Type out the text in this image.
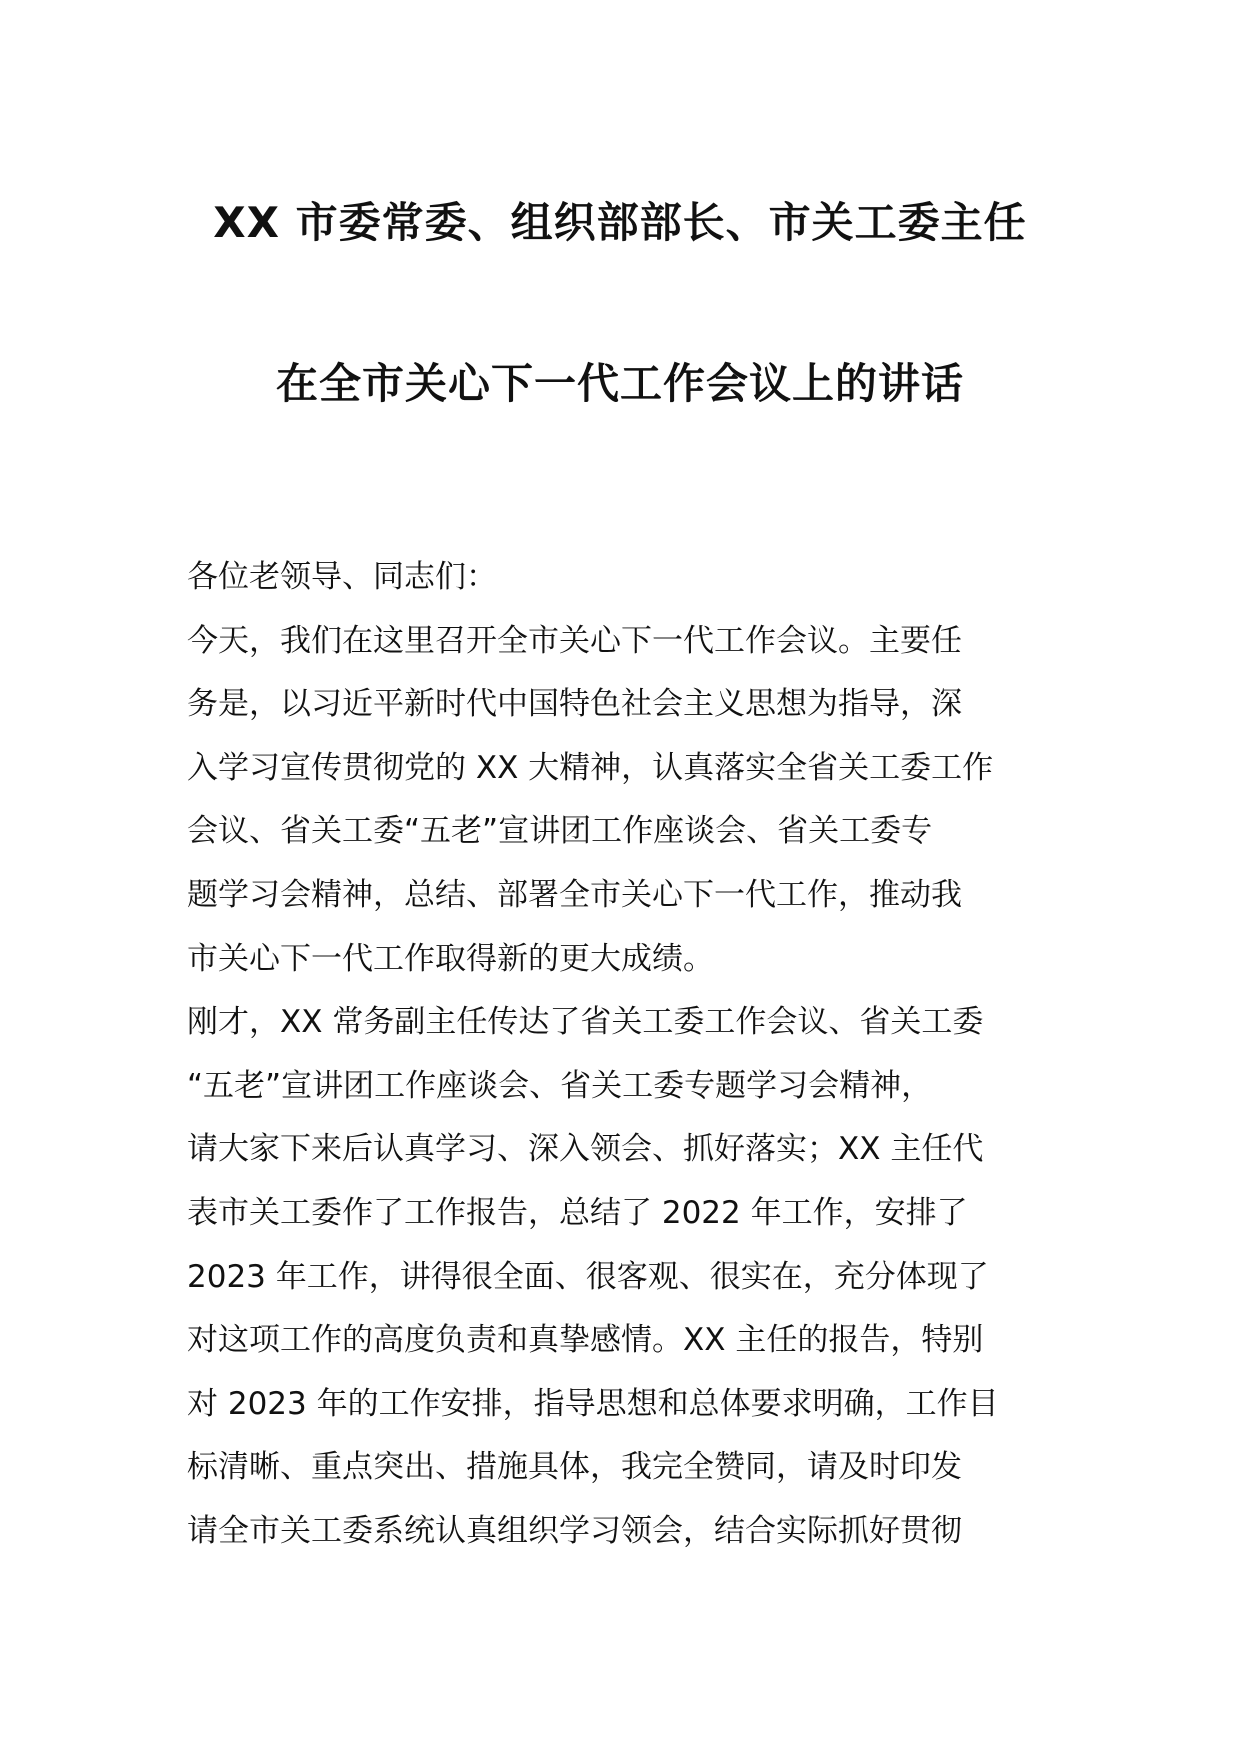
XX 市委常委、组织部部长、市关工委主任
在全市关心下一代工作会议上的讲话
各位老领导、同志们：
今天，我们在这里召开全市关心下一代工作会议。主要任
务是，以习近平新时代中国特色社会主义思想为指导，深
入学习宣传贯彻党的 XX 大精神，认真落实全省关工委工作
会议、省关工委“五老”宣讲团工作座谈会、省关工委专
题学习会精神，总结、部署全市关心下一代工作，推动我
市关心下一代工作取得新的更大成绩。
刚才，XX 常务副主任传达了省关工委工作会议、省关工委
“五老”宣讲团工作座谈会、省关工委专题学习会精神，
请大家下来后认真学习、深入领会、抓好落实；XX 主任代
表市关工委作了工作报告，总结了 2022 年工作，安排了
2023 年工作，讲得很全面、很客观、很实在，充分体现了
对这项工作的高度负责和真挚感情。XX 主任的报告，特别
对 2023 年的工作安排，指导思想和总体要求明确，工作目
标清晰、重点突出、措施具体，我完全赞同，请及时印发
请全市关工委系统认真组织学习领会，结合实际抓好贯彻
